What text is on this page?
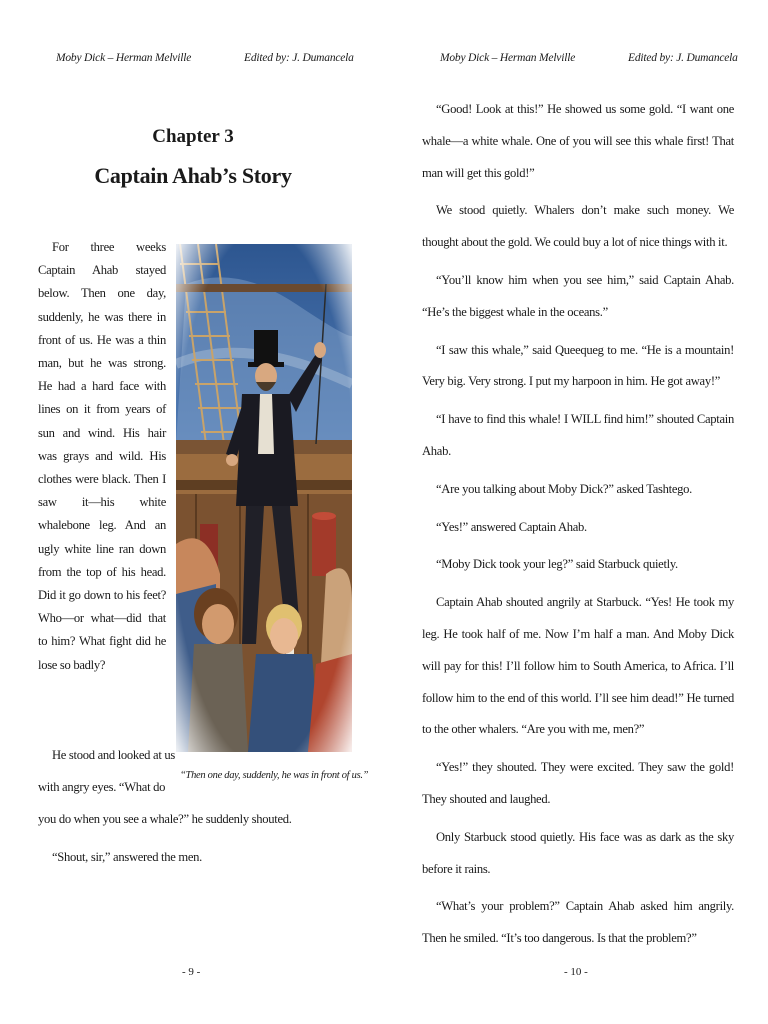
Moby Dick – Herman Melville	Edited by: J. Dumancela
Chapter 3
Captain Ahab’s Story

For three weeks Captain Ahab stayed below. Then one day, suddenly, he was there in front of us. He was a thin man, but he was strong. He had a hard face with lines on it from years of sun and wind. His hair was grays and wild. His clothes were black. Then I saw it—his white whalebone leg. And an ugly white line ran down from the top of his head. Did it go down to his feet? Who—or what—did that to him? What fight did he lose so badly?

He stood and looked at us
with angry eyes. “What do
you do when you see a whale?” he suddenly shouted.
“Shout, sir,” answered the men.
“Then one day, suddenly, he was in front of us.”
- 9 -
Moby Dick – Herman Melville	Edited by: J. Dumancela
- 10 -

“Good! Look at this!” He showed us some gold. “I want one whale—a white whale. One of you will see this whale first! That man will get this gold!”

We stood quietly. Whalers don’t make such money. We thought about the gold. We could buy a lot of nice things with it.

“You’ll know him when you see him,” said Captain Ahab. “He’s the biggest whale in the oceans.”

“I saw this whale,” said Queequeg to me. “He is a mountain! Very big. Very strong. I put my harpoon in him. He got away!”

“I have to find this whale! I WILL find him!” shouted Captain Ahab.

“Are you talking about Moby Dick?” asked Tashtego.

“Yes!” answered Captain Ahab.

“Moby Dick took your leg?” said Starbuck quietly.

Captain Ahab shouted angrily at Starbuck. “Yes! He took my leg. He took half of me. Now I’m half a man. And Moby Dick will pay for this! I’ll follow him to South America, to Africa. I’ll follow him to the end of this world. I’ll see him dead!” He turned to the other whalers. “Are you with me, men?”

“Yes!” they shouted. They were excited. They saw the gold! They shouted and laughed.

Only Starbuck stood quietly. His face was as dark as the sky before it rains.

“What’s your problem?” Captain Ahab asked him angrily. Then he smiled. “It’s too dangerous. Is that the problem?”
